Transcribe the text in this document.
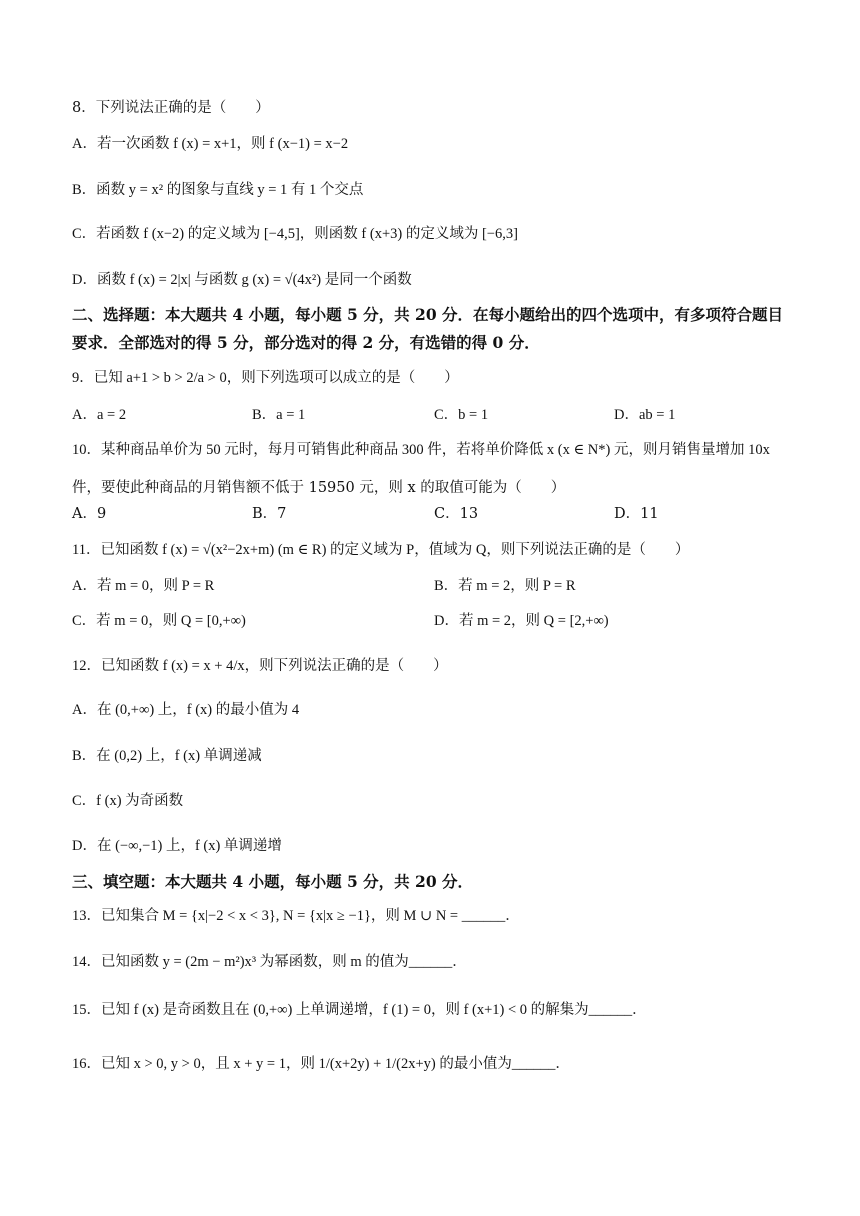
8．下列说法正确的是（　　）
A．若一次函数 f (x) = x+1，则 f (x−1) = x−2
B．函数 y = x² 的图象与直线 y = 1 有 1 个交点
C．若函数 f (x−2) 的定义域为 [−4,5]，则函数 f (x+3) 的定义域为 [−6,3]
D．函数 f (x) = 2|x| 与函数 g (x) = √(4x²) 是同一个函数
二、选择题：本大题共 4 小题，每小题 5 分，共 20 分．在每小题给出的四个选项中，有多项符合题目要求．全部选对的得 5 分，部分选对的得 2 分，有选错的得 0 分．
9．已知 a+1 > b > 2/a > 0，则下列选项可以成立的是（　　）
A．a = 2	B．a = 1	C．b = 1	D．ab = 1
10．某种商品单价为 50 元时，每月可销售此种商品 300 件，若将单价降低 x (x ∈ N*) 元，则月销售量增加 10x
件，要使此种商品的月销售额不低于 15950 元，则 x 的取值可能为（　　）
A．9	B．7	C．13	D．11
11．已知函数 f (x) = √(x²−2x+m) (m ∈ R) 的定义域为 P，值域为 Q，则下列说法正确的是（　　）
A．若 m = 0，则 P = R	B．若 m = 2，则 P = R
C．若 m = 0，则 Q = [0,+∞)	D．若 m = 2，则 Q = [2,+∞)
12．已知函数 f (x) = x + 4/x，则下列说法正确的是（　　）
A．在 (0,+∞) 上，f (x) 的最小值为 4
B．在 (0,2) 上，f (x) 单调递减
C．f (x) 为奇函数
D．在 (−∞,−1) 上，f (x) 单调递增
三、填空题：本大题共 4 小题，每小题 5 分，共 20 分．
13．已知集合 M = {x|−2 < x < 3}, N = {x|x ≥ −1}，则 M ∪ N = ______．
14．已知函数 y = (2m − m²)x³ 为幂函数，则 m 的值为______．
15．已知 f (x) 是奇函数且在 (0,+∞) 上单调递增，f (1) = 0，则 f (x+1) < 0 的解集为______．
16．已知 x > 0, y > 0，且 x + y = 1，则 1/(x+2y) + 1/(2x+y) 的最小值为______．
